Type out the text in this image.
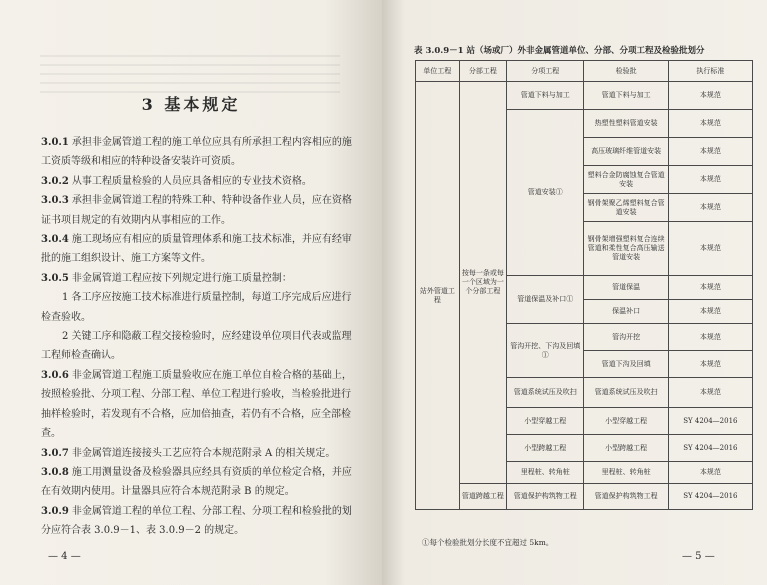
3 基本规定

3.0.1 承担非金属管道工程的施工单位应具有所承担工程内容相应的施工资质等级和相应的特种设备安装许可资质。

3.0.2 从事工程质量检验的人员应具备相应的专业技术资格。

3.0.3 承担非金属管道工程的特殊工种、特种设备作业人员，应在资格证书项目规定的有效期内从事相应的工作。

3.0.4 施工现场应有相应的质量管理体系和施工技术标准，并应有经审批的施工组织设计、施工方案等文件。

3.0.5 非金属管道工程应按下列规定进行施工质量控制：

1 各工序应按施工技术标准进行质量控制，每道工序完成后应进行检查验收。

2 关键工序和隐蔽工程交接检验时，应经建设单位项目代表或监理工程师检查确认。

3.0.6 非金属管道工程施工质量验收应在施工单位自检合格的基础上，按照检验批、分项工程、分部工程、单位工程进行验收，当检验批进行抽样检验时，若发现有不合格，应加倍抽查，若仍有不合格，应全部检查。

3.0.7 非金属管道连接接头工艺应符合本规范附录 A 的相关规定。

3.0.8 施工用测量设备及检验器具应经具有资质的单位检定合格，并应在有效期内使用。计量器具应符合本规范附录 B 的规定。

3.0.9 非金属管道工程的单位工程、分部工程、分项工程和检验批的划分应符合表 3.0.9－1、表 3.0.9－2 的规定。

— 4 —
表 3.0.9－1 站（场或厂）外非金属管道单位、分部、分项工程及检验批划分
单位工程	分部工程	分项工程	检验批	执行标准
站外管道工程	按每一条或每一个区域为一个分部工程	管道下料与加工	管道下料与加工	本规范
		管道安装①	热塑性塑料管道安装	本规范
			高压玻璃纤维管道安装	本规范
			塑料合金防腐蚀复合管道安装	本规范
			钢骨架聚乙烯塑料复合管道安装	本规范
			钢骨架增强塑料复合连续管道和柔性复合高压输送管道安装	本规范
		管道保温及补口①	管道保温	本规范
			保温补口	本规范
		管沟开挖、下沟及回填①	管沟开挖	本规范
			管道下沟及回填	本规范
		管道系统试压及吹扫	管道系统试压及吹扫	本规范
		小型穿越工程	小型穿越工程	SY 4204—2016
		小型跨越工程	小型跨越工程	SY 4204—2016
		里程桩、转角桩	里程桩、转角桩	本规范
	管道跨越工程	管道保护构筑物工程	管道保护构筑物工程	SY 4204—2016
①每个检验批划分长度不宜超过 5km。
— 5 —
